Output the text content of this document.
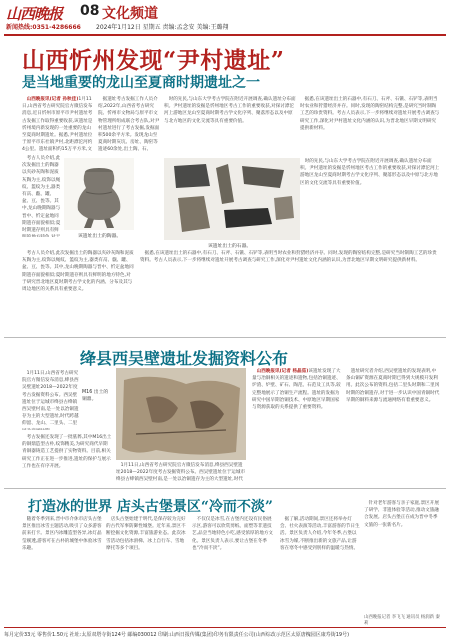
山西晚报 08 文化频道
新闻热线:0351-4286666	2024年1月12日 星期五 责编:孟念安 美编:王璐翔
山西忻州发现“尹村遗址”
是当地重要的龙山至夏商时期遗址之一

山西晚报讯(记者 孙秋佳)1月11日,山西省考古研究院官方微信发布消息,近日忻州市原平市尹村遗址考古发掘工作取得重要收获,该遗址是忻州境内新发现的一处重要的龙山至夏商时期遗址。据悉,尹村遗址位于原平市东社镇尹村,北距滹沱河约4公里。遗址面积约15万平方米,文

据遗址考古发掘工作人员介绍,2022年,山西省考古研究院、忻州市文物局与原平市文物管理所组成联合考古队,对尹村遗址进行了考古发掘,发掘面积500余平方米。发现龙山至夏商时期灰坑、房址、陶窑等遗迹60余处,出土陶、石、

考古人员介绍,此次发掘出土的陶器以夹砂灰陶和泥质灰陶为主,纹饰以绳纹、篮纹为主,器类有鬲、甗、罐、盆、豆、瓮等。其中,龙山晚期陶器与晋中、忻定盆地同期遗存面貌相似;夏时期遗存则具有鲜

时的先民,与山东大学考古学院在附近开展调查,确认遗址分布面积。尹村遗址的发掘是忻州地区考古工作的重要收获,对探讨滹沱河上游地区龙山至夏商时期考古学文化序列、聚落形态以及中原与北方地区的文化交流等具有重要价值。

据悉,在该遗址出土的石器中,有石刀、石斧、石镞、石铲等,表明当时农业和狩猎经济并存。同时,发现的陶窑结构完整,是研究当时制陶工艺的珍贵资料。考古人员表示,下一步将继续对遗址开展考古调查与研究工作,深化对尹村遗址文化内涵的认识,为晋北地区早期文明研究提供新材料。

该遗址出土的陶器。
该遗址出土的石器。

时的先民,与山东大学考古学院在附近开展调查,确认遗址分布面积。尹村遗址的发掘是忻州地区考古工作的重要收获,对探讨滹沱河上游地区龙山至夏商时期考古学文化序列、聚落形态以及中原与北方地区的文化交流等具有重要价值。

据悉,在该遗址出土的石器中,有石刀、石斧、石镞、石铲等,表明当时农业和狩猎经济并存。同时,发现的陶窑结构完整,是研究当时制陶工艺的珍贵资料。考古人员表示,下一步将继续对遗址开展考古调查与研究工作,深化对尹村遗址文化内涵的认识,为晋北地区早期文明研究提供新材料。

考古人员介绍,此次发掘出土的陶器以夹砂灰陶和泥质灰陶为主,纹饰以绳纹、篮纹为主,器类有鬲、甗、罐、盆、豆、瓮等。其中,龙山晚期陶器与晋中、忻定盆地同期遗存面貌相似;夏时期遗存则具有鲜明的地方特色,对于研究晋北地区夏时期考古学文化的内涵、分布及其与周边地区的关系具有重要意义。

绛县西吴壁遗址发掘资料公布

1月11日,山西省考古研究院官方微信发布消息,绛县西吴壁遗址2018—2022年度考古发掘资料公布。西吴壁遗址位于运城市绛县古绛镇西吴壁村南,是一处以冶铜遗存为主的大型遗址,时代跨越仰韶、龙山、二里头、二里

M16 出土的铜鼎。

山西晚报讯(记者 杨晶茹)该遗址发现了大量与冶铜相关的遗迹和遗物,包括冶铜遗迹、炉渣、炉壁、矿石、陶范、石范及工具等,较完整地展示了冶铜生产流程。遗址的发掘为研究中国早期冶铜技术、中原地区早期国家与资源获取的关系提供了重要资料。

遗址研究者介绍,西吴壁遗址的发现表明,中条山铜矿资源在夏商时期已得到大规模开发利用。此次公布的资料,包括二里头时期和二里冈时期的冶铜遗存,对于进一步认识中国青铜时代早期的铜料来源与流通网络有着重要意义。

考古发掘还发现了一批墓葬,其中M16出土的铜鼎造型古朴,纹饰精美,为研究商代早期青铜器铸造工艺提供了实物资料。目前,相关研究工作正在进一步推进,遗址的保护与展示工作也在有序开展。	1月11日,山西省考古研究院官方微信发布消息,绛县西吴壁遗址2018—2022年度考古发掘资料公布。西吴壁遗址位于运城市绛县古绛镇西吴壁村南,是一处以冶铜遗存为主的大型遗址,时代

打造冰的世界 店头古堡景区“冷而不淡”

随着冬季到来,晋中市介休市店头古堡景区推出冰雪主题活动,吸引了众多游客前来打卡。景区内冰雕造型各异,冰灯晶莹剔透,游客可在古朴的城堡中体验冰雪乐趣。

店头古堡始建于明代,是保存较为完好的古代军事防御性城堡。近年来,景区不断挖掘文化资源,丰富旅游业态。此次冰雪活动包括冰滑梯、冰上自行车、雪地摩托等多个项目。

不仅仅是冰雪,在古堡内还设有民俗展示区,游客可以欣赏剪纸、面塑等非遗技艺,品尝当地特色小吃,感受浓厚的地方文化。景区负责人表示,要让古堡在冬季也“冷而不淡”。

据了解,活动期间,景区还将举办灯会、社火表演等活动,丰富游客的节日生活。景区负责人介绍,今年冬季,古堡以冰雪为媒,不断推出新的文旅产品,让游客在寒冬中感受到别样的温暖与热情。

针对老年游客与亲子家庭,景区开展了研学、非遗体验等活动,推动文旅融合发展。店头古堡正在成为晋中冬季文旅的一张新名片。

山西晚报记者 李飞飞 通讯员 杨润新 秦莉
每月定价33元 零售价1.50元 社址:太原双塔寺街124号 邮编030012 印刷:山西日报传媒(集团)印务有限责任公司(山西综改示范区太原唐槐园区康寿街19号)
